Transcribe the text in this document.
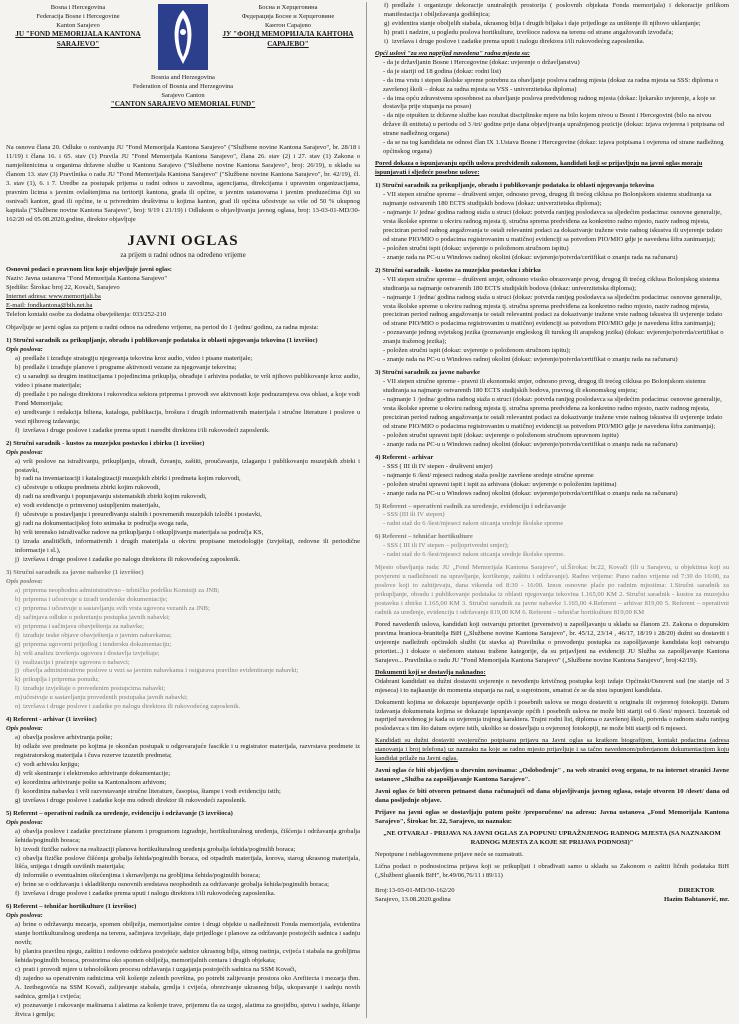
Bosna i Hercegovina
Federacija Bosne i Hercegovine
Kanton Sarajevo
JU "FOND MEMORIJALA KANTONA SARAJEVO"
Босна и Херцеговина
Федерација Босне и Херцеговине
Кантон Сарајево
ЈУ "ФОНД МЕМОРИЈАЛА КАНТОНА САРАЈЕВО"
Bosnia and Herzegovina
Federation of Bosnia and Herzegovina
Sarajevo Canton
"CANTON SARAJEVO MEMORIAL FUND"

Na osnovu člana 20. Odluke o osnivanju JU "Fond Memorijala Kantona Sarajevo" ("Službene novine Kantona Sarajevo", br. 28/18 i 11/19) i člana 16. i 65. stav (1) Pravila JU "Fond Memorijala Kantona Sarajevo", člana 26. stav (2) i 27. stav (1) Zakona o namještenicima u organima državne službe u Kantonu Sarajevo ("Službene novine Kantona Sarajevo", broj: 26/19), u skladu sa članom 13. stav (3) Pravilnika o radu JU "Fond Memorijala Kantona Sarajevo" ("Službene novine Kantona Sarajevo", br. 42/19), čl. 3. stav (1), 6. i 7. Uredbe za postupak prijema u radni odnos u zavodima, agencijama, direkcijama i upravnim organizacijama, pravnim licima s javnim ovlaštenjima na teritoriji kantona, grada ili općine, u javnim ustanovama i javnim preduzećima čiji su osnivači kanton, grad ili općine, te u privrednim društvima u kojima kanton, grad ili općina učestvuje sa više od 50 % ukupnog kapitala ("Službene novine Kantona Sarajevo", broj: 9/19 i 21/19) i Odlukom o objavljivanju javnog oglasa, broj: 13-03-01-MD/30-162/20 od 05.08.2020.godine, direktor objavljuje

JAVNI OGLAS
za prijem u radni odnos na određeno vrijeme
Osnovni podaci o pravnom licu koje objavljuje javni oglas:
Naziv: Javna ustanova "Fond Memorijala Kantona Sarajevo"
Sjedište: Širokac broj 22, Kovači, Sarajevo
Internet adresa: www.memorijali.ba
E-mail: fondkantona@bih.net.ba
Telefon kontakt osobe za dodatna obavještenja: 033/252-210

Objavljuje se javni oglas za prijem u radni odnos na određeno vrijeme, na period do 1 /jednu/ godinu, za radna mjesta:

1) Stručni saradnik za prikupljanje, obradu i publikovanje podataka iz oblasti njegovanja tekovina (1 izvršioc)
Opis poslova:
a) predlaže i izrađuje strategiju njegovanja tekovina kroz audio, video i pisane materijale;
b) predlaže i izrađuje planove i programe aktivnosti vezane za njegovanje tekovina;
c) u saradnji sa drugim institucijama i pojedincima prikuplja, obrađuje i arhivira podatke, te vrši njihovo publikovanje kroz audio, video i pisane materijale;
d) predlaže i po nalogu direktora i rukovodica sektora priprema i provodi sve aktivnosti koje podrazumjeva ova oblast, a koje vodi Fond Memorijala;
e) uređivanje i redakcija biltena, kataloga, publikacija, brošura i drugih informativnih materijala i stručne literature i poslove u vezi njihovog izdavanja;
f) izvršava i druge poslove i zadatke prema uputi i naredbi direktora i/ili rukovodeći zaposlenik.
2) Stručni saradnik - kustos za muzejsku postavku i zbirku (1 izvršioc)
Opis poslova:
a) vrši poslove na istraživanju, prikupljanju, obradi, čuvanju, zaštiti, proučavanju, izlaganju i publikovanju muzejskih zbirki i postavki,
b) radi na inventarizaciji i katalogizaciji muzejskih zbirki i predmeta kojim rukovodi,
c) učestvuje u otkupu predmeta zbirki kojim rukovodi,
d) radi na sređivanju i popunjavanju sistematskih zbirki kojim rukovodi,
e) vodi evidencije o primvenoj ustupljenim materijalu,
f) učestvuje u postavljanju i preuređivanju stalnih i povremenih muzejskih izložbi i postavki,
g) radi na dokumentacijskoj foto snimaka iz područja svoga rada,
h) vrši terensko istraživačke radove na prikupljanju i otkupljivanju materijala sa područja KS,
i) izrada analitičkih, informativnih i drugih materijala u okviru propisane metodologije (izvještaji, redovne ili periodične informacije i sl.),
j) izvršava i druge poslove i zadatke po nalogu direktora ili rukovodećeg zaposlenik.
3) Stručni saradnik za javne nabavke (1 izvršioc)
Opis poslova:
a) priprema neophodnu administrativno - tehničku podršku Komisiji za JNB;
b) priprema i učestvuje u izradi tenderske dokumentacije;
c) priprema i učestvuje u sastavljanju svih vrsta ugovora vezanih za JNB;
d) sačinjava odluke o pokretanju postupka javnih nabavki;
e) priprema i sačinjava obavještenja za nabavke;
f) izrađuje teske objave obavještenja o javnim nabavkama;
g) priprema ugovorni prijedlog i tendersku dokumentaciju;
h) vrši analizu izvršenja ugovora i dostavlja izvještaje;
i) realizacija i praćenje ugovora o nabavci;
j) obavlja administrativne poslove u vezi sa javnim nabavkama i osigurava pravilno evidentiranje nabavki;
k) prikuplja i priprema ponudu;
l) izrađuje izvještaje o provedenim postupcima nabavki;
m)učestvuje u sastavljanju provedenih postupaka javnih nabavki;
n) izvršava i druge poslove i zadatke po nalogu direktora ili rukovodećeg zaposlenik.
4) Referent - arhivar (1 izvršioc)
Opis poslova:
a) obavlja poslove arhiviranja pošte;
b) odlaže sve predmete po kojima je okončan postupak u odgovarajuće fascikle i u registrator materijala, razvrstava predmete iz registratorskog materijala i čuva rezerve izuzetih predmeta;
c) vodi arhivsku knjigu;
d) vrši skeniranje i elektronsko arhiviranje dokumentacije;
e) koordinira arhiviranje pošte sa Kantonalnom arhivom;
f) koordinira nabavku i vrši razvrstavanje stručne literature, časopisa, štampe i vodi evidenciju istih;
g) izvršava i druge poslove i zadatke koje mu odredi direktor ili rukovodeći zaposlenik.
5) Referent – operativni radnik za uređenje, evidenciju i održavanje (3 izvršioca)
Opis poslova:
a) obavlja poslove i zadatke preciziranе planom i programom izgradnje, hortikulturalnog uređenja, čišćenja i održavanja grobalja šehida/poginulih boraca;
b) izvodi fizičke radove na realizaciji planova hortikulturalnog uređenja grobalja šehida/poginulih boraca;
c) obavlja fizičke poslove čišćenja grobalja šehida/poginulih boraca, od otpadnih materijala, korova, starog ukrasnog materijala, lišća, snijega i drugih suvišnih materijala;
d) informiše o eventualnim oštećenjima i skrnavljenju na grobljima šehida/poginulih boraca;
e) brine se o održavanju i skladištenju osnovnih sredstava neophodnih za održavanje grobalja šehida/poginulih boraca;
f) izvršava i druge poslove i zadatke prema uputi i nalogu direktora i/ili rukovodećeg zaposlenika.
6) Referent – tehničar hortikulture (1 izvršioc)
Opis poslova:
a) brine o održavanju mezarja, spomen obilježja, memorijalne centre i drugi objekte u nadležnosti Fonda memorijala, evidentira stanje hortikulturalnog uređenja na terenu, sačinjava izvještaje, daje prijedloge i planove za održavanje postojećih sadnica i sadnju novih;
b) planira pravilnu njegu, zaštitu i redovno održava postojeće sadnice ukrasnog bilja, sitnog rastinja, cvijeća i stabala na grobljima šehida/poginulih boraca, prostorima oko spomen obilježja, memorijalnih centara i drugih objekata;
c) prati i provodi mjere u tehnološkom procesu održavanja i uzgajanja postojećih sadnica na SSM Kovači,
d) zajedno sa operativnim radnicima vrši košenje zelenih površina, po potrebi zalijevanje prostora oko Arefitecta i mezarja tћm. A. Izetbegovića na SSM Kovači, zalijevanje stabala, grmlja i cvijeća, obrezivanje ukrasnog bilja, ukopavanje i sadnju novih sadnica, grmlja i cvijeća;
e) poznavanje i rukovanje mašinama i alatima za košenje trave, prijemnu tla za uzgoj, alatima za gnojidbu, sjetvu i sadnju, šišanje živica i grmlja;
f) predlaže i organizuje dekoracije unutrašnjih prostorija ( poslovnih objekata Fonda memorijala) i dekoracije prilikom manifestacija i obilježavanja godišnjica;
g) evidentira stanje oboljelih stabala, ukrasnog bilja i drugih biljaka i daje prijedloge za uništenje ili njihovo uklanjanje;
h) prati i nadzire, u pogledu poslova hortikulture, izvršioce radova na terenu od strane angažovanih izvođača;
i) izvršava i druge poslove i zadatke prema uputi i nalogu direktora i/ili rukovodećeg zaposlenika.
Opći uslovi "za sva naprijed navedena" radna mjesta su:
- da je državljanin Bosne i Hercegovine (dokaz: uvjerenje o državljanstvu)
- da je stariji od 18 godina (dokaz: rodni list)
- da ima vrstu i stepen školske spreme potrebnu za obavljanje poslova radnog mjesta (dokaz za radna mjesta sa SSS: diploma o završenoj školi – dokaz za radna mjesta sa VSS - univerzitetska diploma)
- da ima opću zdravstvenu sposobnost za obavljanje poslova predviđenog radnog mjesta (dokaz: ljekarsko uvjerenje, a koje se dostavlja prije stupanja na posao)
- da nije otpušten iz državne službe kao rezultat disciplinske mjere na bilo kojem nivou u Bosni i Hercegovini (bilo na nivou države ili entiteta) u periodu od 3 /tri/ godine prije dana objavljivanja upražnjenog pozicije (dokaz: izjava ovjerena i potpisana od strane nadležnog organa)
- da se na tog kandidata ne odnosi član IX 1.Ustava Bosne i Hercegovine (dokaz: izjava potpisana i ovjerena od strane nadležnog općinskog organa)
Pored dokaza o ispunjavanju općih uslova predviđenih zakonom, kandidati koji se prijavljuju na javni oglas moraju ispunjavati i sljedeće posebne uslove:
1) Stručni saradnik za prikupljanje, obradu i publikovanje podataka iz oblasti njegovanja tekovina
- VII stepen stručne spreme – društveni smjer, odnosno prvog, drugog ili trećeg ciklusa po Bolonjskom sistemu studiranja sa najmanje ostvarenih 180 ECTS studijskih bodova (dokaz: univerzitetska diploma);
- najmanje 1/ jedna/ godina radnog staža u struci (dokaz: potvrda ranijeg poslodavca sa sljedećim podacima: osnovne generalije, vrsta školske spreme u okviru radnog mjesta tj. stručna sprema predviđena za konkretno radno mjesto, naziv radnog mjesta, preciziran period radnog angažovanja te ostali relevantni podaci za dokazivanje tražene vrste radnog iskustva ili uvjerenje izdato od strane PIO/MIO o podacima registrovanim u matičnoj evidenciji sa potvrdom PIO/MIO gdje je navedena šifra zanimanja);
- položen stručni ispit (dokaz: uvjerenje o položenom stručnom ispitu)
- znanje rada na PC-u u Windows radnoj okolini (dokaz: uvjerenje/potvrda/certifikat o znanju rada na računaru)
2) Stručni saradnik - kustos za muzejsku postavku i zbirku
- VII stepen stručne spreme – društveni smjer, odnosno visoko obrazovanje prvog, drugog ili trećeg ciklusa Bolonjskog sistema studiranja sa najmanje ostvarenih 180 ECTS studijskih bodova (dokaz: univerzitetska diploma);
- najmanje 1 /jedna/ godina radnog staža u struci (dokaz: potvrda ranijeg poslodavca sa sljedećim podacima: osnovne generalije, vrsta školske spreme u okviru radnog mjesta tj. stručna sprema predviđena za konkretno radno mjesto, naziv radnog mjesta, preciziran period radnog angažovanja te ostali relevantni podaci za dokazivanje tražene vrste radnog iskustva ili uvjerenje izdato od strane PIO/MIO o podacima registrovanim u matičnoj evidenciji sa potvrdom PIO/MIO gdje je navedena šifra zanimanja);
- poznavanje jednog svjetskog jezika (poznavanje engleskog ili turskog ili arapskog jezika) (dokaz: uvjerenje/potvrda/certifikat o znanju traženog jezika);
- položen stručni ispit (dokaz: uvjerenje o položenom stručnom ispitu);
- znanje rada na PC-u u Windows radnoj okolini (dokaz: uvjerenje/potvrda/certifikat o znanju rada na računaru)
3) Stručni saradnik za javne nabavke
- VII stepen stručne spreme - pravni ili ekonomski smjer, odnosno prvog, drugog ili trećeg ciklusa po Bolonjskom sistemu studiranja sa najmanje ostvarenih 180 ECTS studijskih bodova, pravnog ili ekonomskog smjera;
- najmanje 1 /jedna/ godina radnog staža u struci (dokaz: potvrda ranijeg poslodavca sa sljedećim podacima: osnovne generalije, vrsta školske spreme u okviru radnog mjesta tj. stručna sprema predviđena za konkretno radno mjesto, naziv radnog mjesta, preciziran period radnog angažovanja te ostali relevantni podaci za dokazivanje tražene vrste radnog iskustva ili uvjerenje izdato od strane PIO/MIO o podacima registrovanim u matičnoj evidenciji sa potvrdom PIO/MIO gdje je navedena šifra zanimanja);
- položen stručni upravni ispit (dokaz: uvjerenje o položenom stručnom upravnom ispitu)
- znanje rada na PC-u u Windows radnoj okolini (dokaz: uvjerenje/potvrda/certifikat o znanju rada na računaru)
4) Referent - arhivar
- SSS ( III ili IV stepen - društveni smjer)
- najmanje 6 /šest/ mjeseci radnog staža poslije završene srednje stručne spreme
- položen stručni upravni ispit i ispit za arhivara (dokaz: uvjerenje o položenim ispitima)
- znanje rada na PC-u u Windows radnoj okolini (dokaz: uvjerenje/potvrda/certifikat o znanju rada na računaru)
5) Referent – operativni radnik za uređenje, evidenciju i održavanje
- SSS (III ili IV stepen)
- radni staž do 6 /šest/mjeseci nakon sticanja srednje školske spreme
6) Referent – tehničar hortikulture
- SSS ( III ili IV stepen – poljoprivredni smjer);
- radni staž do 6 /šest/mjeseci nakon sticanja srednje školske spreme.

Mjesto obavljanja rada: JU „Fond Memorijala Kantona Sarajevo", ul.Širokac br.22, Kovači (ili u Sarajevu, u objektima koji su povjereni u nadležnosti na upravljanje, korištenje, zaštitu i održavanje). Radno vrijeme: Puno radno vrijeme od 7:30 do 16:00, za poslove koji to zahtijevaju, dana vikenda od 8:30 - 16:00. Iznos osnovne plaće po radnim mjestima: 1.Stručni saradnik za prikupljanje, obradu i publikovanje podataka iz oblasti njegovanja tekovina 1.165,00 KM 2. Stručni saradnik - kustos za muzejsku postavku i zbirku 1.165,00 KM 3. Stručni saradnik za javne nabavke 1.165,00 4.Referent – arhivar 819,00 5. Referent – operativni radnik za uređenje, evidenciju i održavanje 819,00 KM 6. Referent – tehničar hortikulture 819,00 KM

Pored navedenih uslova, kandidati koji ostvaruju prioritet (prvenstvo) u zapošljavanju u skladu sa članom 23. Zakona o dopunskim pravima branioca-branitelja BiH („Službene novine Kantona Sarajevo", br. 45/12, 23/14 , 46/17, 18/19 i 28/20) dužni su dostaviti i uvjerenje nadležnih općinskih službi (iz stavka a) Pravilnika o provođenju postupka za zapošljavanje kandidata koji ostvaruju prioritet...) i dokaze o stečenom statusu tražene kategorije, da su prijavljeni na evidenciji JU Služba za zapošljavanje Kantona Sarajevo... Pravilnika o radu JU "Fond Memorijala Kantona Sarajevo" („Službene novine Kantona Sarajevo", broj:42/19).

Dokumenti koji se dostavlja naknadno:

Odabrani kandidati su dužni dostaviti uvjerenje o nevođenju krivičnog postupka koji izdaje Općinski/Osnovni sud (ne starije od 3 mjeseca) i to najkasnije do momenta stupanja na rad, u suprotnom, smatrat će se da nisu ispunjeni kandidata.

Dokumenti kojima se dokazuje ispunjavanje općih i posebnih uslova se mogu dostaviti u originalu ili ovjerenoj fotokopiji. Datum izdavanja dokumenata kojima se dokazuje ispunjavanje općih i posebnih uslova ne može biti stariji od 6 /šest/ mjeseci. Izuzetak od naprijed navedenog je kada su uvjerenja trajnog karaktera. Trajni rodni list, diploma o završenoj školi, potvrda o radnom stažu ranijeg poslodavca s tim što datum ovjere istih, ukoliko se dostavljaju u ovjerenoj fotokopiji, ne može biti stariji od 6 mjeseci.

Kandidati su dužni dostaviti svojeručno potpisanu prijavu na Javni oglas sa kratkom biografijom, kontakt podacima (adresa stanovanja i broj telefona) uz naznaku na koje se radno mjesto prijavljuje i sa tačno navedenom/pobrojanom dokumentacijom koju kandidat prilaže na Javni oglas.

Javni oglas će biti objavljen u dnevnim novinama: „Oslobođenje" , na web stranici ovog organa, te na internet stranici Javne ustanove „Služba za zapošljavanje Kantona Sarajevo".

Javni oglas će biti otvoren petnaest dana računajući od dana objavljivanja javnog oglasa, ostaje otvoren 10 /deset/ dana od dana posljednje objave.

Prijave na javni oglas se dostavljaju putem pošte /preporučeno/ na adresu: Javna ustanova „Fond Memorijala Kantona Sarajevo", Širokac br. 22, Sarajevo, uz naznaku:

„NE OTVARAJ - PRIJAVA NA JAVNI OGLAS ZA POPUNU UPRAŽNJENOG RADNOG MJESTA (SA NAZNAKOM RADNOG MJESTA ZA KOJE SE PRIJAVA PODNOSI)"

Nepotpune i neblagovremene prijave neće se razmatrati.

Lična podaci o podnosiocima prijava koji se prikupljati i obrađivati samo u skladu sa Zakonom o zaštiti ličnih podataka BiH („Službeni glasnik BiH", br.49/06,76/11 i 89/11)

Broj:13-03-01-MD/30-162/20
Sarajevo, 13.08.2020.godina
DIREKTOR
Hazim Bahtanović, mr.
